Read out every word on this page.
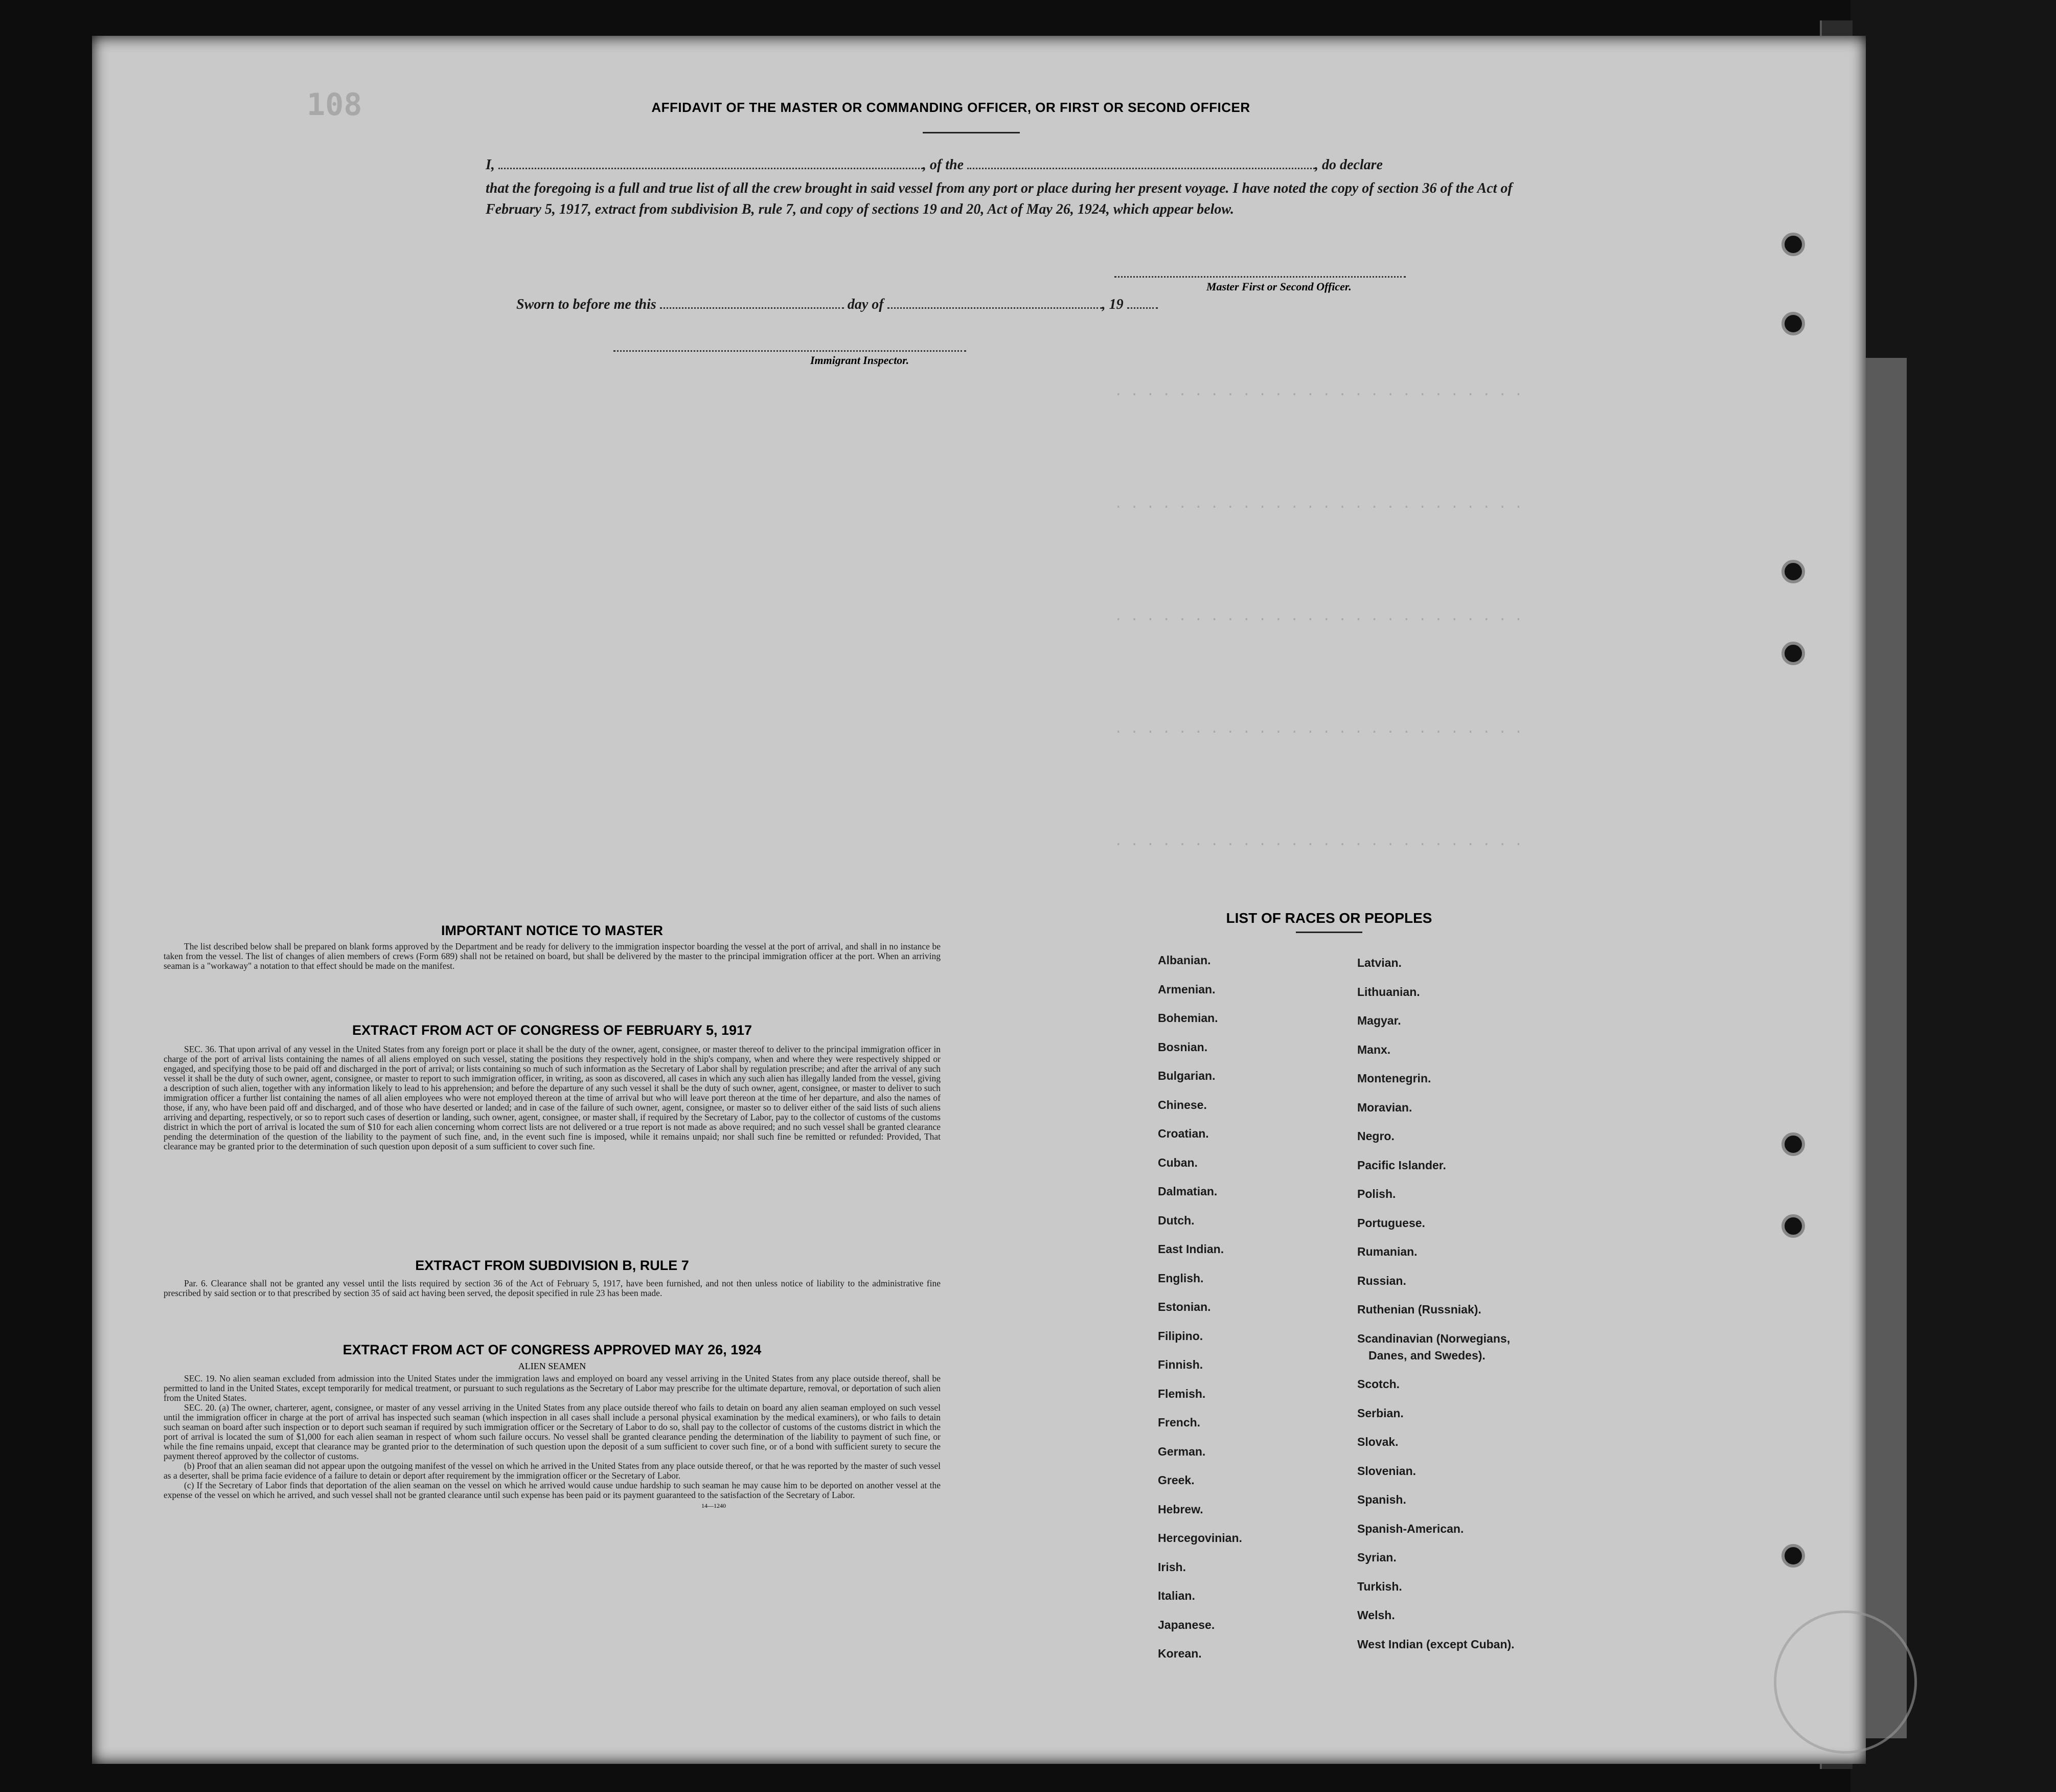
108
. . . . . . . . . . . . . . . . . . . . . . . . . .
. . . . . . . . . . . . . . . . . . . . . . . . . .
. . . . . . . . . . . . . . . . . . . . . . . . . .
. . . . . . . . . . . . . . . . . . . . . . . . . .
. . . . . . . . . . . . . . . . . . . . . . . . . .
AFFIDAVIT OF THE MASTER OR COMMANDING OFFICER, OR FIRST OR SECOND OFFICER
I,	, of the	, do declare
that the foregoing is a full and true list of all the crew brought in said vessel from any port or place during her present voyage. I have noted the copy of section 36 of the Act of February 5, 1917, extract from subdivision B, rule 7, and copy of sections 19 and 20, Act of May 26, 1924, which appear below.
Master First or Second Officer.
Sworn to before me this	day of	, 19
Immigrant Inspector.
IMPORTANT NOTICE TO MASTER

The list described below shall be prepared on blank forms approved by the Department and be ready for delivery to the immigration inspector boarding the vessel at the port of arrival, and shall in no instance be taken from the vessel. The list of changes of alien members of crews (Form 689) shall not be retained on board, but shall be delivered by the master to the principal immigration officer at the port. When an arriving seaman is a "workaway" a notation to that effect should be made on the manifest.

EXTRACT FROM ACT OF CONGRESS OF FEBRUARY 5, 1917

SEC. 36. That upon arrival of any vessel in the United States from any foreign port or place it shall be the duty of the owner, agent, consignee, or master thereof to deliver to the principal immigration officer in charge of the port of arrival lists containing the names of all aliens employed on such vessel, stating the positions they respectively hold in the ship's company, when and where they were respectively shipped or engaged, and specifying those to be paid off and discharged in the port of arrival; or lists containing so much of such information as the Secretary of Labor shall by regulation prescribe; and after the arrival of any such vessel it shall be the duty of such owner, agent, consignee, or master to report to such immigration officer, in writing, as soon as discovered, all cases in which any such alien has illegally landed from the vessel, giving a description of such alien, together with any information likely to lead to his apprehension; and before the departure of any such vessel it shall be the duty of such owner, agent, consignee, or master to deliver to such immigration officer a further list containing the names of all alien employees who were not employed thereon at the time of arrival but who will leave port thereon at the time of her departure, and also the names of those, if any, who have been paid off and discharged, and of those who have deserted or landed; and in case of the failure of such owner, agent, consignee, or master so to deliver either of the said lists of such aliens arriving and departing, respectively, or so to report such cases of desertion or landing, such owner, agent, consignee, or master shall, if required by the Secretary of Labor, pay to the collector of customs of the customs district in which the port of arrival is located the sum of $10 for each alien concerning whom correct lists are not delivered or a true report is not made as above required; and no such vessel shall be granted clearance pending the determination of the question of the liability to the payment of such fine, and, in the event such fine is imposed, while it remains unpaid; nor shall such fine be remitted or refunded: Provided, That clearance may be granted prior to the determination of such question upon deposit of a sum sufficient to cover such fine.

EXTRACT FROM SUBDIVISION B, RULE 7

Par. 6. Clearance shall not be granted any vessel until the lists required by section 36 of the Act of February 5, 1917, have been furnished, and not then unless notice of liability to the administrative fine prescribed by said section or to that prescribed by section 35 of said act having been served, the deposit specified in rule 23 has been made.

EXTRACT FROM ACT OF CONGRESS APPROVED MAY 26, 1924
ALIEN SEAMEN

SEC. 19. No alien seaman excluded from admission into the United States under the immigration laws and employed on board any vessel arriving in the United States from any place outside thereof, shall be permitted to land in the United States, except temporarily for medical treatment, or pursuant to such regulations as the Secretary of Labor may prescribe for the ultimate departure, removal, or deportation of such alien from the United States.

SEC. 20. (a) The owner, charterer, agent, consignee, or master of any vessel arriving in the United States from any place outside thereof who fails to detain on board any alien seaman employed on such vessel until the immigration officer in charge at the port of arrival has inspected such seaman (which inspection in all cases shall include a personal physical examination by the medical examiners), or who fails to detain such seaman on board after such inspection or to deport such seaman if required by such immigration officer or the Secretary of Labor to do so, shall pay to the collector of customs of the customs district in which the port of arrival is located the sum of $1,000 for each alien seaman in respect of whom such failure occurs. No vessel shall be granted clearance pending the determination of the liability to payment of such fine, or while the fine remains unpaid, except that clearance may be granted prior to the determination of such question upon the deposit of a sum sufficient to cover such fine, or of a bond with sufficient surety to secure the payment thereof approved by the collector of customs.

(b) Proof that an alien seaman did not appear upon the outgoing manifest of the vessel on which he arrived in the United States from any place outside thereof, or that he was reported by the master of such vessel as a deserter, shall be prima facie evidence of a failure to detain or deport after requirement by the immigration officer or the Secretary of Labor.

(c) If the Secretary of Labor finds that deportation of the alien seaman on the vessel on which he arrived would cause undue hardship to such seaman he may cause him to be deported on another vessel at the expense of the vessel on which he arrived, and such vessel shall not be granted clearance until such expense has been paid or its payment guaranteed to the satisfaction of the Secretary of Labor.

14—1240
LIST OF RACES OR PEOPLES
Albanian.
Armenian.
Bohemian.
Bosnian.
Bulgarian.
Chinese.
Croatian.
Cuban.
Dalmatian.
Dutch.
East Indian.
English.
Estonian.
Filipino.
Finnish.
Flemish.
French.
German.
Greek.
Hebrew.
Hercegovinian.
Irish.
Italian.
Japanese.
Korean.
Latvian.
Lithuanian.
Magyar.
Manx.
Montenegrin.
Moravian.
Negro.
Pacific Islander.
Polish.
Portuguese.
Rumanian.
Russian.
Ruthenian (Russniak).
Scandinavian (Norwegians,
Danes, and Swedes).
Scotch.
Serbian.
Slovak.
Slovenian.
Spanish.
Spanish-American.
Syrian.
Turkish.
Welsh.
West Indian (except Cuban).
